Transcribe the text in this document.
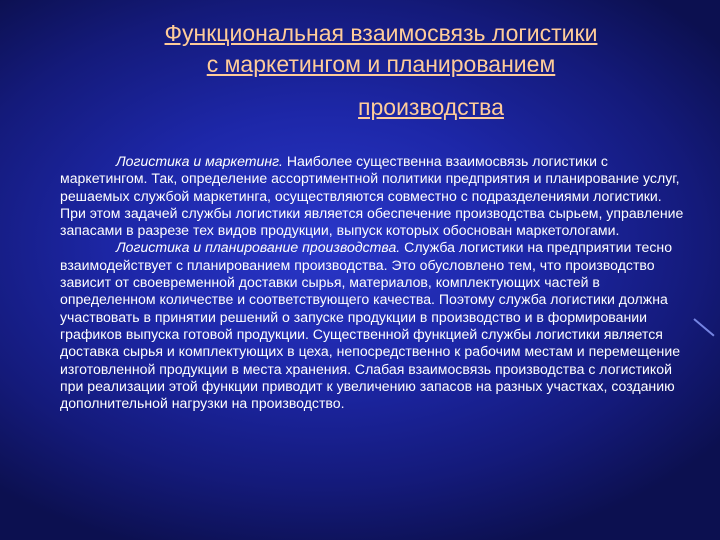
Функциональная взаимосвязь логистики
с маркетингом и планированием
производства

Логистика и маркетинг. Наиболее существенна взаимосвязь логистики с маркетингом. Так, определение ассортиментной политики предприятия и планирование услуг, решаемых службой маркетинга, осуществляются совместно с подразделениями логистики. При этом задачей службы логистики является обеспечение производства сырьем, управление запасами в разрезе тех видов продукции, выпуск которых обоснован маркетологами.

Логистика и планирование производства. Служба логистики на предприятии тесно взаимодействует с планированием производства. Это обусловлено тем, что производство зависит от своевременной доставки сырья, материалов, комплектующих частей в определенном количестве и соответствующего качества. Поэтому служба логистики должна участвовать в принятии решений о запуске продукции в производство и в формировании графиков выпуска готовой продукции. Существенной функцией службы логистики является доставка сырья и комплектующих в цеха, непосредственно к рабочим местам и перемещение изготовленной продукции в места хранения. Слабая взаимосвязь производства с логистикой при реализации этой функции приводит к увеличению запасов на разных участках, созданию дополнительной нагрузки на производство.
